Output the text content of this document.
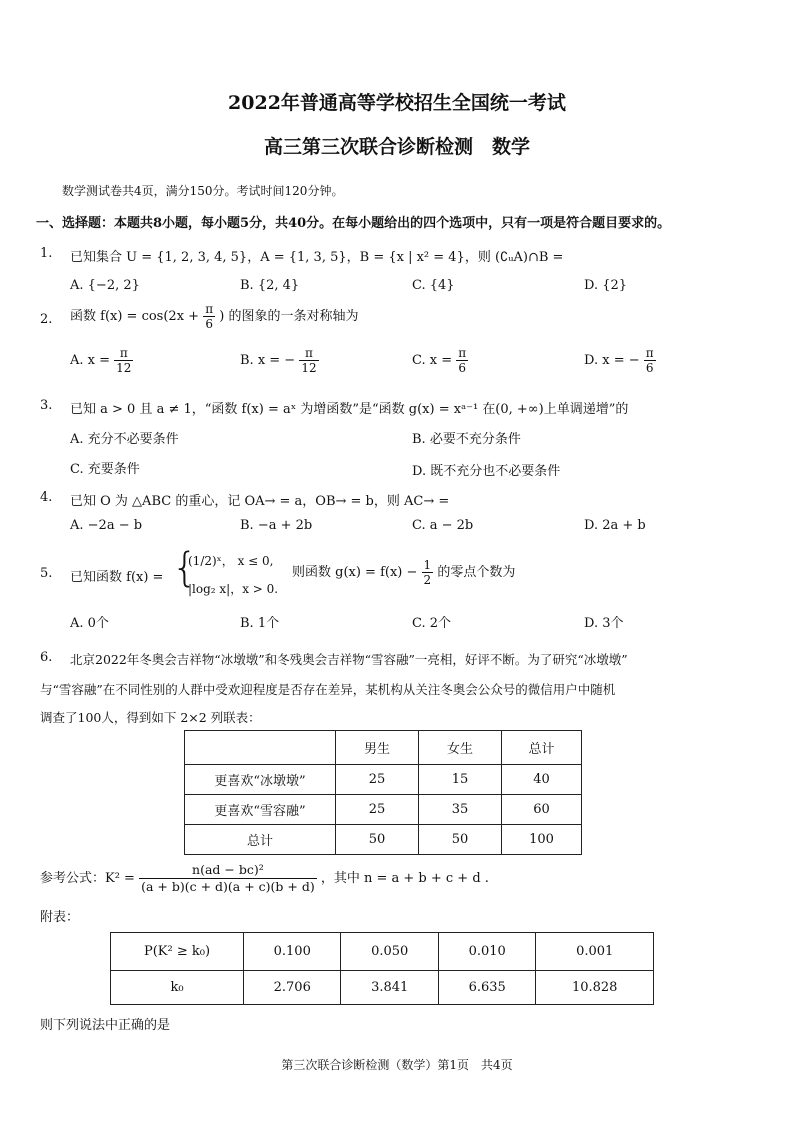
2022年普通高等学校招生全国统一考试
高三第三次联合诊断检测　数学
数学测试卷共4页，满分150分。考试时间120分钟。
一、选择题：本题共8小题，每小题5分，共40分。在每小题给出的四个选项中，只有一项是符合题目要求的。
1. 已知集合 U = {1, 2, 3, 4, 5}，A = {1, 3, 5}，B = {x | x² = 4}，则 (∁ᵤA)∩B =
A. {−2, 2}	B. {2, 4}	C. {4}	D. {2}
2. 函数 $f(x) = \cos(2x + \frac{\pi}{6}$ ) 的图象的一条对称轴为
A. $x = \frac{\pi}{12}$	B. x = − $\frac{\pi}{12}$	C. $x = \frac{\pi}{6}$	D. x = − $\frac{\pi}{6}$
3. 已知 a > 0 且 a ≠ 1，“函数 f(x) = aˣ 为增函数”是“函数 g(x) = xᵃ⁻¹ 在(0, +∞)上单调递增”的
A. 充分不必要条件	B. 必要不充分条件
C. 充要条件	D. 既不充分也不必要条件
4. 已知 O 为 △ABC 的重心，记 OA→ = a，OB→ = b，则 AC→ =
A. −2a − b	B. −a + 2b	C. a − 2b	D. 2a + b
5. 已知函数 f(x) = {
(1/2)ˣ， x ≤ 0,
|log₂ x|，x > 0.
则函数 $g(x) = f(x) - \frac{1}{2}$ 的零点个数为
A. 0个	B. 1个	C. 2个	D. 3个
6. 北京2022年冬奥会吉祥物“冰墩墩”和冬残奥会吉祥物“雪容融”一亮相，好评不断。为了研究“冰墩墩”
与“雪容融”在不同性别的人群中受欢迎程度是否存在差异，某机构从关注冬奥会公众号的微信用户中随机
调查了100人，得到如下 2×2 列联表：
	男生	女生	总计
更喜欢“冰墩墩”	25	15	40
更喜欢“雪容融”	25	35	60
总计	50	50	100
参考公式：$K^2 = \frac{\text{n(ad − bc)²}}{(a + b)(c + d)(a + c)(b + d)}$ ，其中 n = a + b + c + d .
附表：
P(K² ≥ k₀)	0.100	0.050	0.010	0.001
k₀	2.706	3.841	6.635	10.828
则下列说法中正确的是
第三次联合诊断检测（数学）第1页　共4页
